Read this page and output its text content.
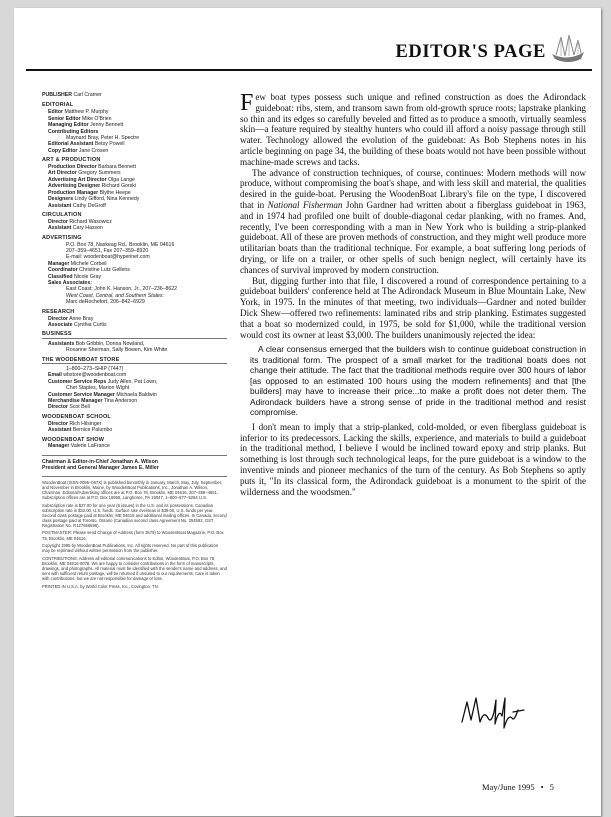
EDITOR'S PAGE
PUBLISHER Carl Cramer
EDITORIAL
Editor Matthew P. Murphy
Senior Editor Mike O'Brien
Managing Editor Jenny Bennett
Contributing Editors
Maynard Bray, Peter H. Spectre
Editorial Assistant Betsy Powell
Copy Editor Jane Crosen
ART & PRODUCTION
Production Director Barbara Bennett
Art Director Gregory Summers
Advertising Art Director Olga Lange
Advertising Designer Richard Gorski
Production Manager Blythe Heepe
Designers Lindy Gifford, Nina Kennedy
Assistant Cathy DeGroff
CIRCULATION
Director Richard Wasowicz
Assistant Cary Hasson
ADVERTISING
P.O. Box 78, Naskeag Rd., Brooklin, ME 04616
207–359–4651, Fax 207–359–8920
E-mail: woodenboat@hyperinet.com
Manager Michele Corbeil
Coordinator Christine Lutz Gellens
Classified Nicole Gray
Sales Associates:
East Coast: John K. Hanson, Jr., 207–236–8622
West Coast, Central, and Southern States:
Marc deRochefort, 206–842–6929
RESEARCH
Director Anne Bray
Associate Cynthia Curtis
BUSINESS
Assistants Bob Gribbin, Donna Nowland,
Roxanne Sherman, Sally Bowen, Kim White
THE WOODENBOAT STORE
1–800–273–SHIP (7447)
Email wbstore@woodenboat.com
Customer Service Reps Judy Allen, Pat Lown,
Chet Staples, Marion Wight
Customer Service Manager Michaela Baldwin
Merchandise Manager Tina Anderson
Director Scot Bell
WOODENBOAT SCHOOL
Director Rich Hilsinger
Assistant Bernice Palumbo
WOODENBOAT SHOW
Manager Valerie LaFrance
Chairman & Editor-in-Chief Jonathan A. Wilson
President and General Manager James E. Miller

WoodenBoat (ISSN 0095–067X) is published bimonthly in January, March, May, July, September, and November in Brooklin, Maine, by WoodenBoat Publications, Inc., Jonathan A. Wilson, Chairman. Editorial/Advertising offices are at P.O. Box 78, Brooklin, ME 04616, 207–359–4651. Subscription offices are at P.O. Box 16958, Langhorne, PA 19047, 1–800–877–5284 U.S.

Subscription rate is $27.00 for one year (6 issues) in the U.S. and its possessions. Canadian subscription rate is $32.00, U.S. funds. Surface rate overseas is $39.00, U.S. funds per year. Second class postage paid at Brooklin, ME 04616 and additional mailing offices. In Canada, second class postage paid at Toronto, Ontario (Canadian second class Agreement No. 254592, GST Registration No. R127656598).

POSTMASTER: Please send Change of Address (form 3579) to WoodenBoat Magazine, P.O. Box 78, Brooklin, ME 04616.

Copyright 1995 by WoodenBoat Publications, Inc. All rights reserved. No part of this publication may be reprinted without written permission from the publisher.

CONTRIBUTIONS: Address all editorial communications to Editor, WoodenBoat, P.O. Box 78, Brooklin, ME 04616-0078. We are happy to consider contributions in the form of manuscripts, drawings, and photographs. All material must be identified with the sender's name and address, and sent with sufficient return postage, will be returned if unsuited to our requirements. Care is taken with contributions, but we are not responsible for damage or loss.

PRINTED IN U.S.A. by World Color Press, Inc., Covington, TN.

Few boat types possess such unique and refined construction as does the Adirondack guideboat: ribs, stem, and transom sawn from old-growth spruce roots; lapstrake planking so thin and its edges so carefully beveled and fitted as to produce a smooth, virtually seamless skin—a feature required by stealthy hunters who could ill afford a noisy passage through still water. Technology allowed the evolution of the guideboat: As Bob Stephens notes in his article beginning on page 34, the building of these boats would not have been possible without machine-made screws and tacks.

The advance of construction techniques, of course, continues: Modern methods will now produce, without compromising the boat's shape, and with less skill and material, the qualities desired in the guide-boat. Perusing the WoodenBoat Library's file on the type, I discovered that in National Fisherman John Gardner had written about a fiberglass guideboat in 1963, and in 1974 had profiled one built of double-diagonal cedar planking, with no frames. And, recently, I've been corresponding with a man in New York who is building a strip-planked guideboat. All of these are proven methods of construction, and they might well produce more utilitarian boats than the traditional technique. For example, a boat suffering long periods of drying, or life on a trailer, or other spells of such benign neglect, will certainly have its chances of survival improved by modern construction.

But, digging further into that file, I discovered a round of correspondence pertaining to a guideboat builders' conference held at The Adirondack Museum in Blue Mountain Lake, New York, in 1975. In the minutes of that meeting, two individuals—Gardner and noted builder Dick Shew—offered two refinements: laminated ribs and strip planking. Estimates suggested that a boat so modernized could, in 1975, be sold for $1,000, while the traditional version would cost its owner at least $3,000. The builders unanimously rejected the idea:

A clear consensus emerged that the builders wish to continue guideboat construction in its traditional form. The prospect of a small market for the traditional boats does not change their attitude. The fact that the traditional methods require over 300 hours of labor [as opposed to an estimated 100 hours using the modern refinements] and that [the builders] may have to increase their price...to make a profit does not deter them. The Adirondack builders have a strong sense of pride in the traditional method and resist compromise.

I don't mean to imply that a strip-planked, cold-molded, or even fiberglass guideboat is inferior to its predecessors. Lacking the skills, experience, and materials to build a guideboat in the traditional method, I believe I would be inclined toward epoxy and strip planks. But something is lost through such technological leaps, for the pure guideboat is a window to the inventive minds and pioneer mechanics of the turn of the century. As Bob Stephens so aptly puts it, "In its classical form, the Adirondack guideboat is a monument to the spirit of the wilderness and the woodsmen."

May/June 1995 • 5
